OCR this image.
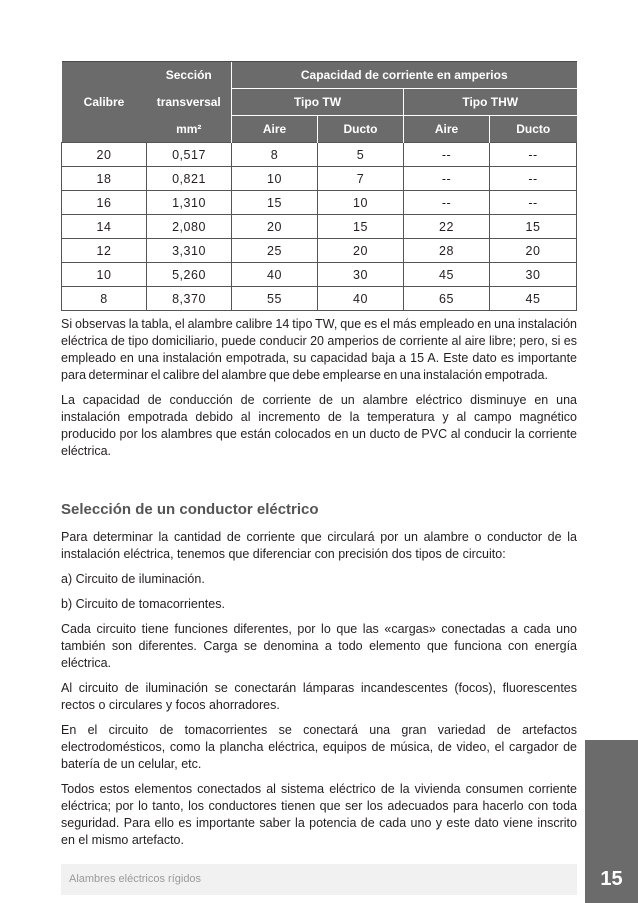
	Sección	Capacidad de corriente en amperios			
Calibre	transversal	Tipo TW		Tipo THW	
	mm²	Aire	Ducto	Aire	Ducto
20	0,517	8	5	--	--
18	0,821	10	7	--	--
16	1,310	15	10	--	--
14	2,080	20	15	22	15
12	3,310	25	20	28	20
10	5,260	40	30	45	30
8	8,370	55	40	65	45

Si observas la tabla, el alambre calibre 14 tipo TW, que es el más empleado en una instalación eléctrica de tipo domiciliario, puede conducir 20 amperios de corriente al aire libre; pero, si es empleado en una instalación empotrada, su capacidad baja a 15 A. Este dato es importante para determinar el calibre del alambre que debe emplearse en una instalación empotrada.

La capacidad de conducción de corriente de un alambre eléctrico disminuye en una instalación empotrada debido al incremento de la temperatura y al campo magnético producido por los alambres que están colocados en un ducto de PVC al conducir la corriente eléctrica.

Selección de un conductor eléctrico

Para determinar la cantidad de corriente que circulará por un alambre o conductor de la instalación eléctrica, tenemos que diferenciar con precisión dos tipos de circuito:

a) Circuito de iluminación.

b) Circuito de tomacorrientes.

Cada circuito tiene funciones diferentes, por lo que las «cargas» conectadas a cada uno también son diferentes. Carga se denomina a todo elemento que funciona con energía eléctrica.

Al circuito de iluminación se conectarán lámparas incandescentes (focos), fluorescentes rectos o circulares y focos ahorradores.

En el circuito de tomacorrientes se conectará una gran variedad de artefactos electrodomésticos, como la plancha eléctrica, equipos de música, de video, el cargador de batería de un celular, etc.

Todos estos elementos conectados al sistema eléctrico de la vivienda consumen corriente eléctrica; por lo tanto, los conductores tienen que ser los adecuados para hacerlo con toda seguridad. Para ello es importante saber la potencia de cada uno y este dato viene inscrito en el mismo artefacto.

Alambres eléctricos rígidos	15
